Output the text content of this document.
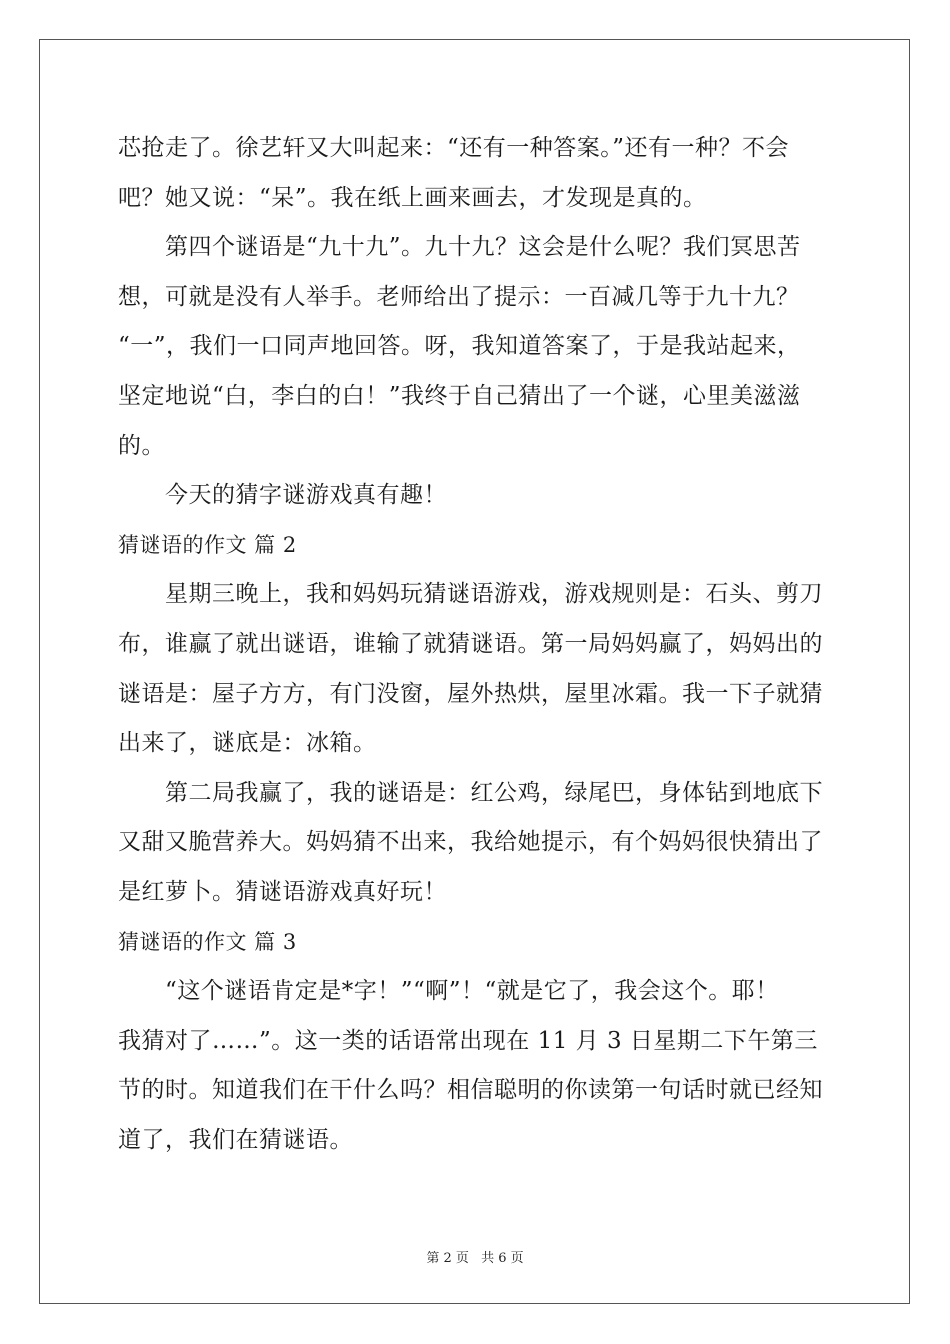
芯抢走了。徐艺轩又大叫起来：“还有一种答案。”还有一种？不会
吧？她又说：“呆”。我在纸上画来画去，才发现是真的。
第四个谜语是“九十九”。九十九？这会是什么呢？我们冥思苦
想，可就是没有人举手。老师给出了提示：一百减几等于九十九？
“一”，我们一口同声地回答。呀，我知道答案了，于是我站起来，
坚定地说“白，李白的白！”我终于自己猜出了一个谜，心里美滋滋
的。
今天的猜字谜游戏真有趣！
猜谜语的作文 篇 2
星期三晚上，我和妈妈玩猜谜语游戏，游戏规则是：石头、剪刀
布，谁赢了就出谜语，谁输了就猜谜语。第一局妈妈赢了，妈妈出的
谜语是：屋子方方，有门没窗，屋外热烘，屋里冰霜。我一下子就猜
出来了，谜底是：冰箱。
第二局我赢了，我的谜语是：红公鸡，绿尾巴，身体钻到地底下
又甜又脆营养大。妈妈猜不出来，我给她提示，有个妈妈很快猜出了
是红萝卜。猜谜语游戏真好玩！
猜谜语的作文 篇 3
“这个谜语肯定是*字！”“啊”！“就是它了，我会这个。耶！
我猜对了……”。这一类的话语常出现在 11 月 3 日星期二下午第三
节的时。知道我们在干什么吗？相信聪明的你读第一句话时就已经知
道了，我们在猜谜语。
第 2 页 共 6 页
